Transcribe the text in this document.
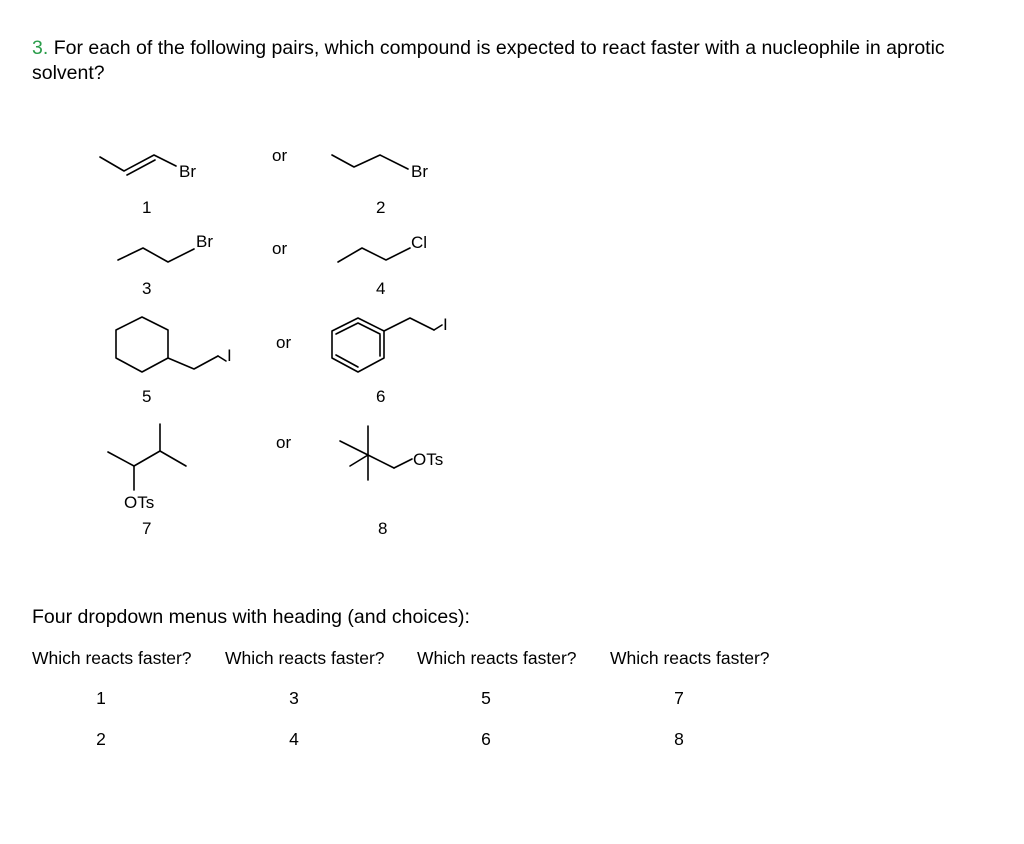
3. For each of the following pairs, which compound is expected to react faster with a nucleophile in aprotic solvent?
Br
1
or
Br
2
Br
3
or	Cl
4
I
5
or
I
6
OTs
7
or
OTs
8
Four dropdown menus with heading (and choices):
Which reacts faster? Which reacts faster? Which reacts faster? Which reacts faster?
1
2
3
4
5
6
7
8
